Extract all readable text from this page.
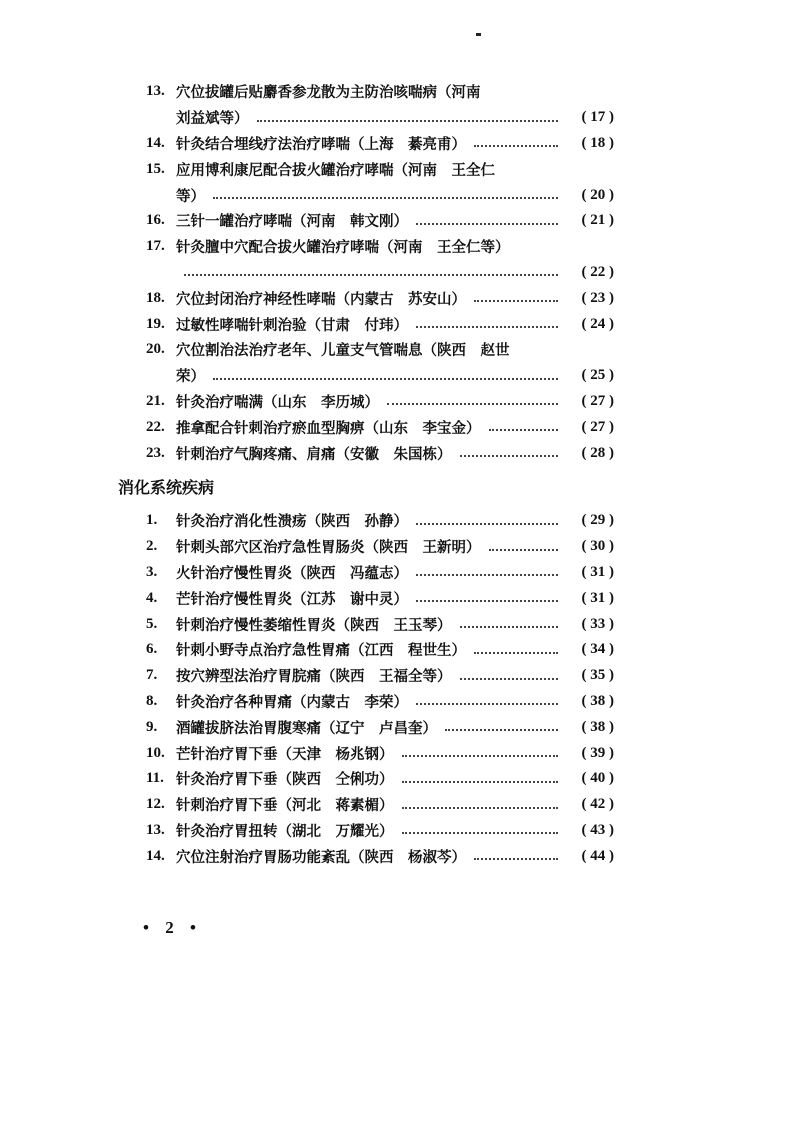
13. 穴位拔罐后贴麝香参龙散为主防治咳喘病（河南
刘益斌等）	( 17 )
14. 针灸结合埋线疗法治疗哮喘（上海　綦亮甫）	( 18 )
15. 应用博利康尼配合拔火罐治疗哮喘（河南　王全仁
等）	( 20 )
16. 三针一罐治疗哮喘（河南　韩文刚）	( 21 )
17. 针灸膻中穴配合拔火罐治疗哮喘（河南　王全仁等）
( 22 )
18. 穴位封闭治疗神经性哮喘（内蒙古　苏安山）	( 23 )
19. 过敏性哮喘针刺治验（甘肃　付玮）	( 24 )
20. 穴位割治法治疗老年、儿童支气管喘息（陕西　赵世
荣）	( 25 )
21. 针灸治疗喘满（山东　李历城）	( 27 )
22. 推拿配合针刺治疗瘀血型胸痹（山东　李宝金）	( 27 )
23. 针刺治疗气胸疼痛、肩痛（安徽　朱国栋）	( 28 )
消化系统疾病
1.	针灸治疗消化性溃疡（陕西　孙静）	( 29 )
2.	针刺头部穴区治疗急性胃肠炎（陕西　王新明）	( 30 )
3.	火针治疗慢性胃炎（陕西　冯蕴志）	( 31 )
4.	芒针治疗慢性胃炎（江苏　谢中灵）	( 31 )
5.	针刺治疗慢性萎缩性胃炎（陕西　王玉琴）	( 33 )
6.	针刺小野寺点治疗急性胃痛（江西　程世生）	( 34 )
7.	按穴辨型法治疗胃脘痛（陕西　王福全等）	( 35 )
8.	针灸治疗各种胃痛（内蒙古　李荣）	( 38 )
9.	酒罐拔脐法治胃腹寒痛（辽宁　卢昌奎）	( 38 )
10. 芒针治疗胃下垂（天津　杨兆钢）	( 39 )
11. 针灸治疗胃下垂（陕西　仝俐功）	( 40 )
12. 针刺治疗胃下垂（河北　蒋素楣）	( 42 )
13. 针灸治疗胃扭转（湖北　万耀光）	( 43 )
14. 穴位注射治疗胃肠功能紊乱（陕西　杨淑芩）	( 44 )
• 2 •
